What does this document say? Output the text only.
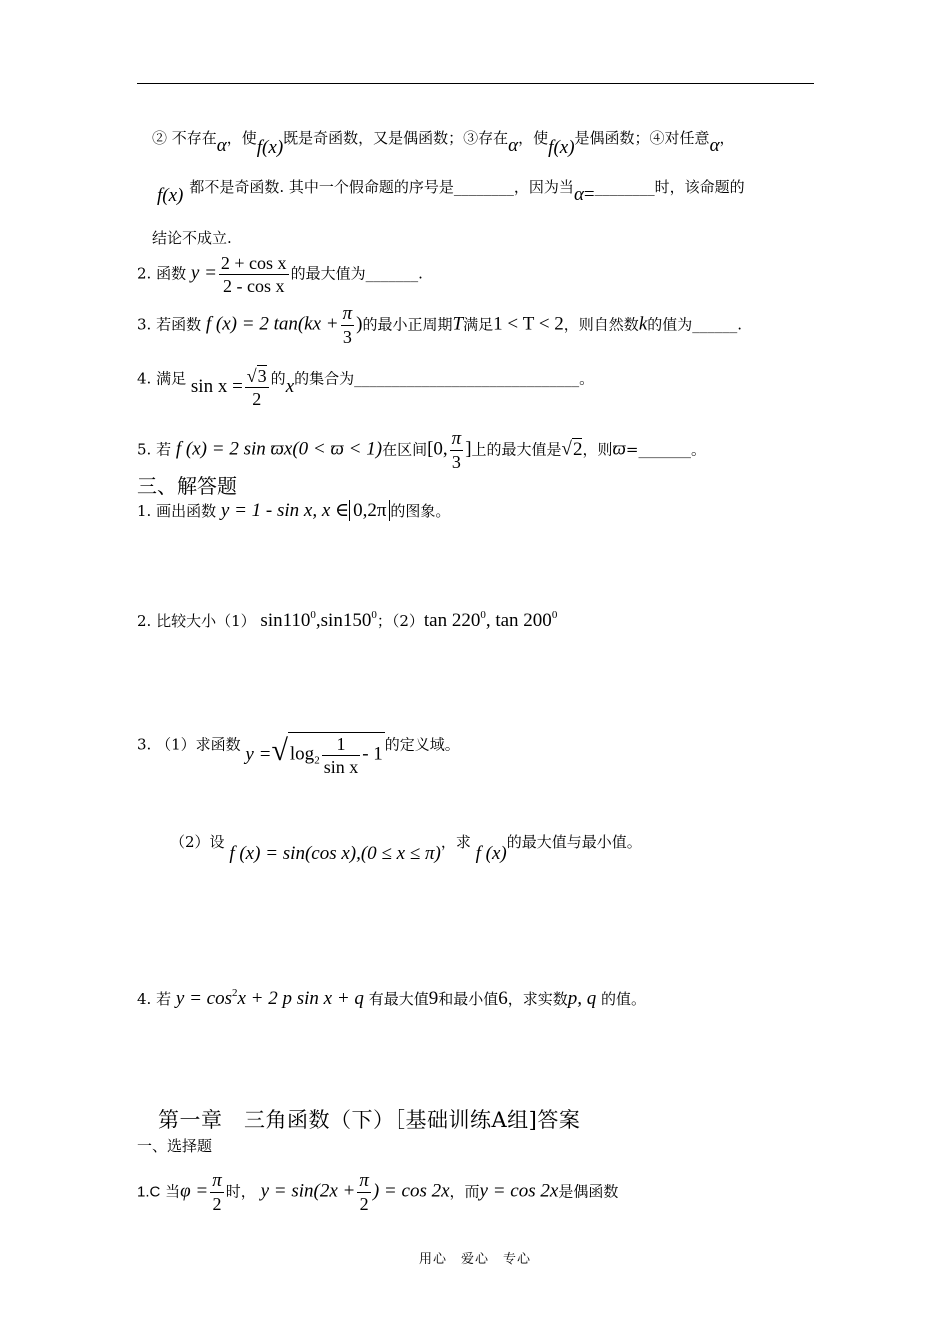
② 不存在α，使f(x)既是奇函数，又是偶函数；③存在α，使f(x)是偶函数；④对任意α，
f(x) 都不是奇函数. 其中一个假命题的序号是________，因为当α=________时，该命题的
结论不成立.
2. 函数 $y = \frac{\text{2 + cos x}}{\text{2 - cos x}}$ 的最大值为_______.
3. 若函数 f (x) = 2 $\tan(kx + \frac{\pi}{3}$ )的最小正周期T满足1 < T < 2，则自然数k的值为______.
4. 满足 $\sin x = \frac{√3}{2}$ 的x的集合为______________________________。
5. 若 f (x) = 2 sin ϖx(0 < ϖ < 1)在区间[0, $\frac{\pi}{3}$ ]上的最大值是√2，则ϖ=_______。
三、解答题
1. 画出函数 y = 1 - sin x, x ∈ 0,2π 的图象。
2. 比较大小（1） $\sin 110^0,\sin 150^0$；（2）tan $220^0$, $\tan 200^0$
3. （1）求函数 y =√ $\log_2 \frac{1}{\text{sin x}} - 1$ 的定义域。
（2）设 f (x) = sin(cos x),(0 ≤ x ≤ π)，求 f (x)的最大值与最小值。
4. 若 $y = \cos^2x + 2$ p sin x + q 有最大值9和最小值6，求实数p, q 的值。
第一章　三角函数（下）［基础训练A组]答案
一、选择题
1.C 当$\varphi = \frac{\pi}{2}$ 时， $y = \sin(2x + \frac{\pi}{2}$ ) = cos 2x，而y = cos 2x是偶函数
用心　爱心　专心
